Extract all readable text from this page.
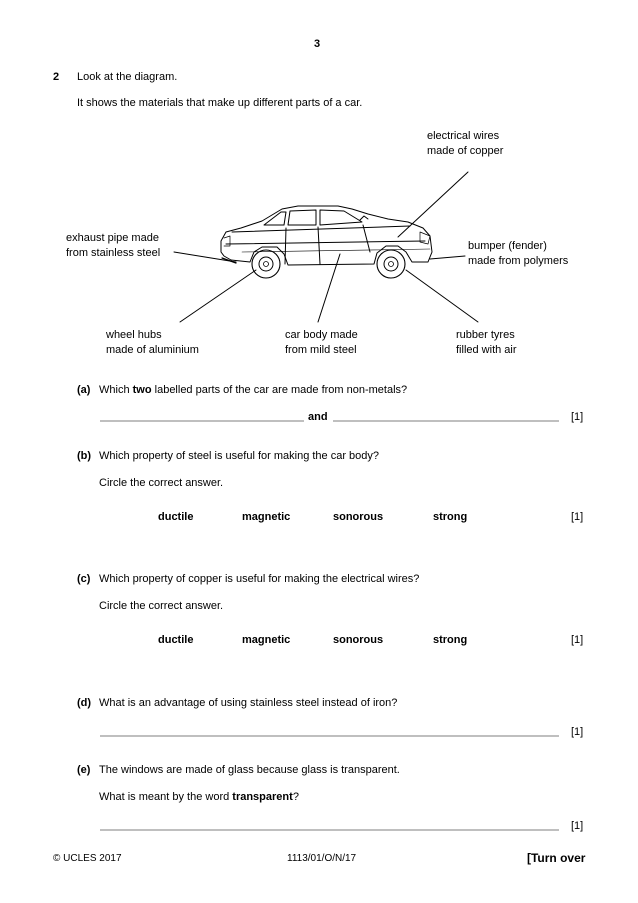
3
2 Look at the diagram.
It shows the materials that make up different parts of a car.
electrical wires
made of copper
exhaust pipe made
from stainless steel
bumper (fender)
made from polymers
wheel hubs
made of aluminium
car body made
from mild steel
rubber tyres
filled with air
(a) Which two labelled parts of the car are made from non-metals?
and	[1]
(b) Which property of steel is useful for making the car body?
Circle the correct answer.
ductile	magnetic	sonorous	strong	[1]
(c) Which property of copper is useful for making the electrical wires?
Circle the correct answer.
ductile	magnetic	sonorous	strong	[1]
(d) What is an advantage of using stainless steel instead of iron?
[1]
(e) The windows are made of glass because glass is transparent.
What is meant by the word transparent?
[1]
© UCLES 2017	1113/01/O/N/17	[Turn over
